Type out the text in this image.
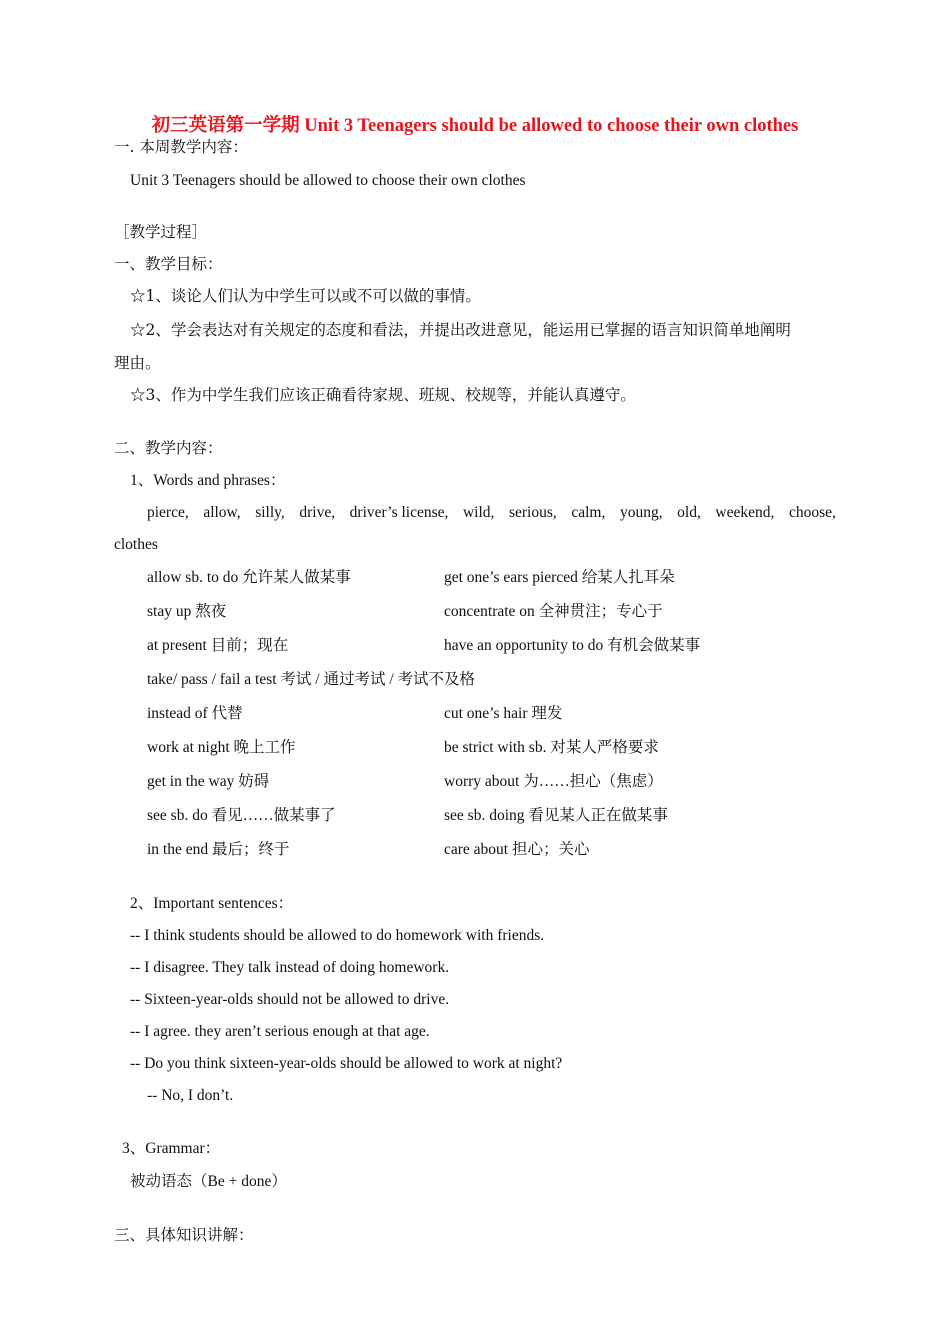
初三英语第一学期 Unit 3 Teenagers should be allowed to choose their own clothes
一. 本周教学内容：
Unit 3 Teenagers should be allowed to choose their own clothes
［教学过程］
一、教学目标：
☆1、谈论人们认为中学生可以或不可以做的事情。
☆2、学会表达对有关规定的态度和看法，并提出改进意见，能运用已掌握的语言知识简单地阐明
理由。
☆3、作为中学生我们应该正确看待家规、班规、校规等，并能认真遵守。
二、教学内容：
1、Words and phrases：
pierce, allow, silly, drive, driver’s license, wild, serious, calm, young, old, weekend, choose,
clothes
allow sb. to do 允许某人做某事	get one’s ears pierced 给某人扎耳朵
stay up 熬夜	concentrate on 全神贯注；专心于
at present 目前；现在	have an opportunity to do 有机会做某事
take/ pass / fail a test 考试 / 通过考试 / 考试不及格
instead of 代替	cut one’s hair 理发
work at night 晚上工作	be strict with sb. 对某人严格要求
get in the way 妨碍	worry about 为……担心（焦虑）
see sb. do 看见……做某事了	see sb. doing 看见某人正在做某事
in the end 最后；终于	care about 担心；关心
2、Important sentences：
-- I think students should be allowed to do homework with friends.
-- I disagree. They talk instead of doing homework.
-- Sixteen-year-olds should not be allowed to drive.
-- I agree. they aren’t serious enough at that age.
-- Do you think sixteen-year-olds should be allowed to work at night?
-- No, I don’t.
3、Grammar：
被动语态（Be + done）
三、具体知识讲解：
